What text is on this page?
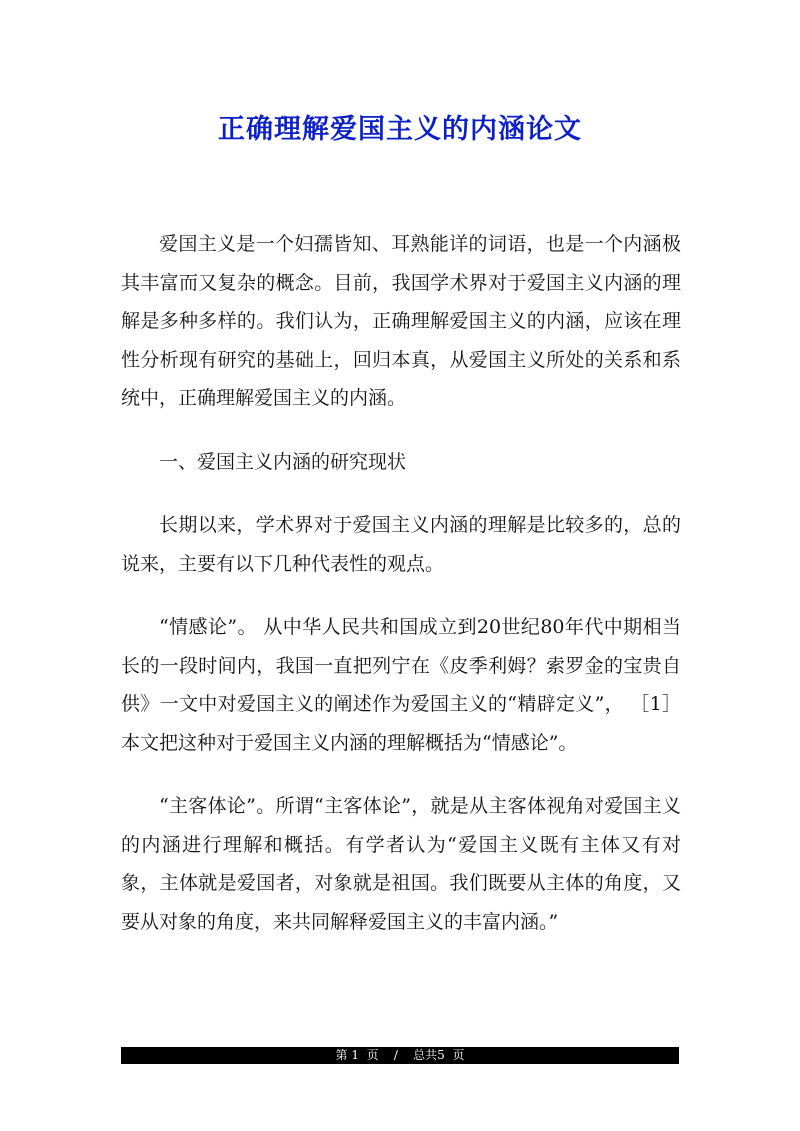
正确理解爱国主义的内涵论文

爱国主义是一个妇孺皆知、耳熟能详的词语，也是一个内涵极其丰富而又复杂的概念。目前，我国学术界对于爱国主义内涵的理解是多种多样的。我们认为，正确理解爱国主义的内涵，应该在理性分析现有研究的基础上，回归本真，从爱国主义所处的关系和系统中，正确理解爱国主义的内涵。

一、爱国主义内涵的研究现状

长期以来，学术界对于爱国主义内涵的理解是比较多的，总的说来，主要有以下几种代表性的观点。

“情感论”。 从中华人民共和国成立到20世纪80年代中期相当长的一段时间内，我国一直把列宁在《皮季利姆？索罗金的宝贵自供》一文中对爱国主义的阐述作为爱国主义的“精辟定义”， ［1］本文把这种对于爱国主义内涵的理解概括为“情感论”。

“主客体论”。所谓“主客体论”，就是从主客体视角对爱国主义的内涵进行理解和概括。有学者认为“爱国主义既有主体又有对象，主体就是爱国者，对象就是祖国。我们既要从主体的角度，又要从对象的角度，来共同解释爱国主义的丰富内涵。”

第 1  页    /    总共5  页
